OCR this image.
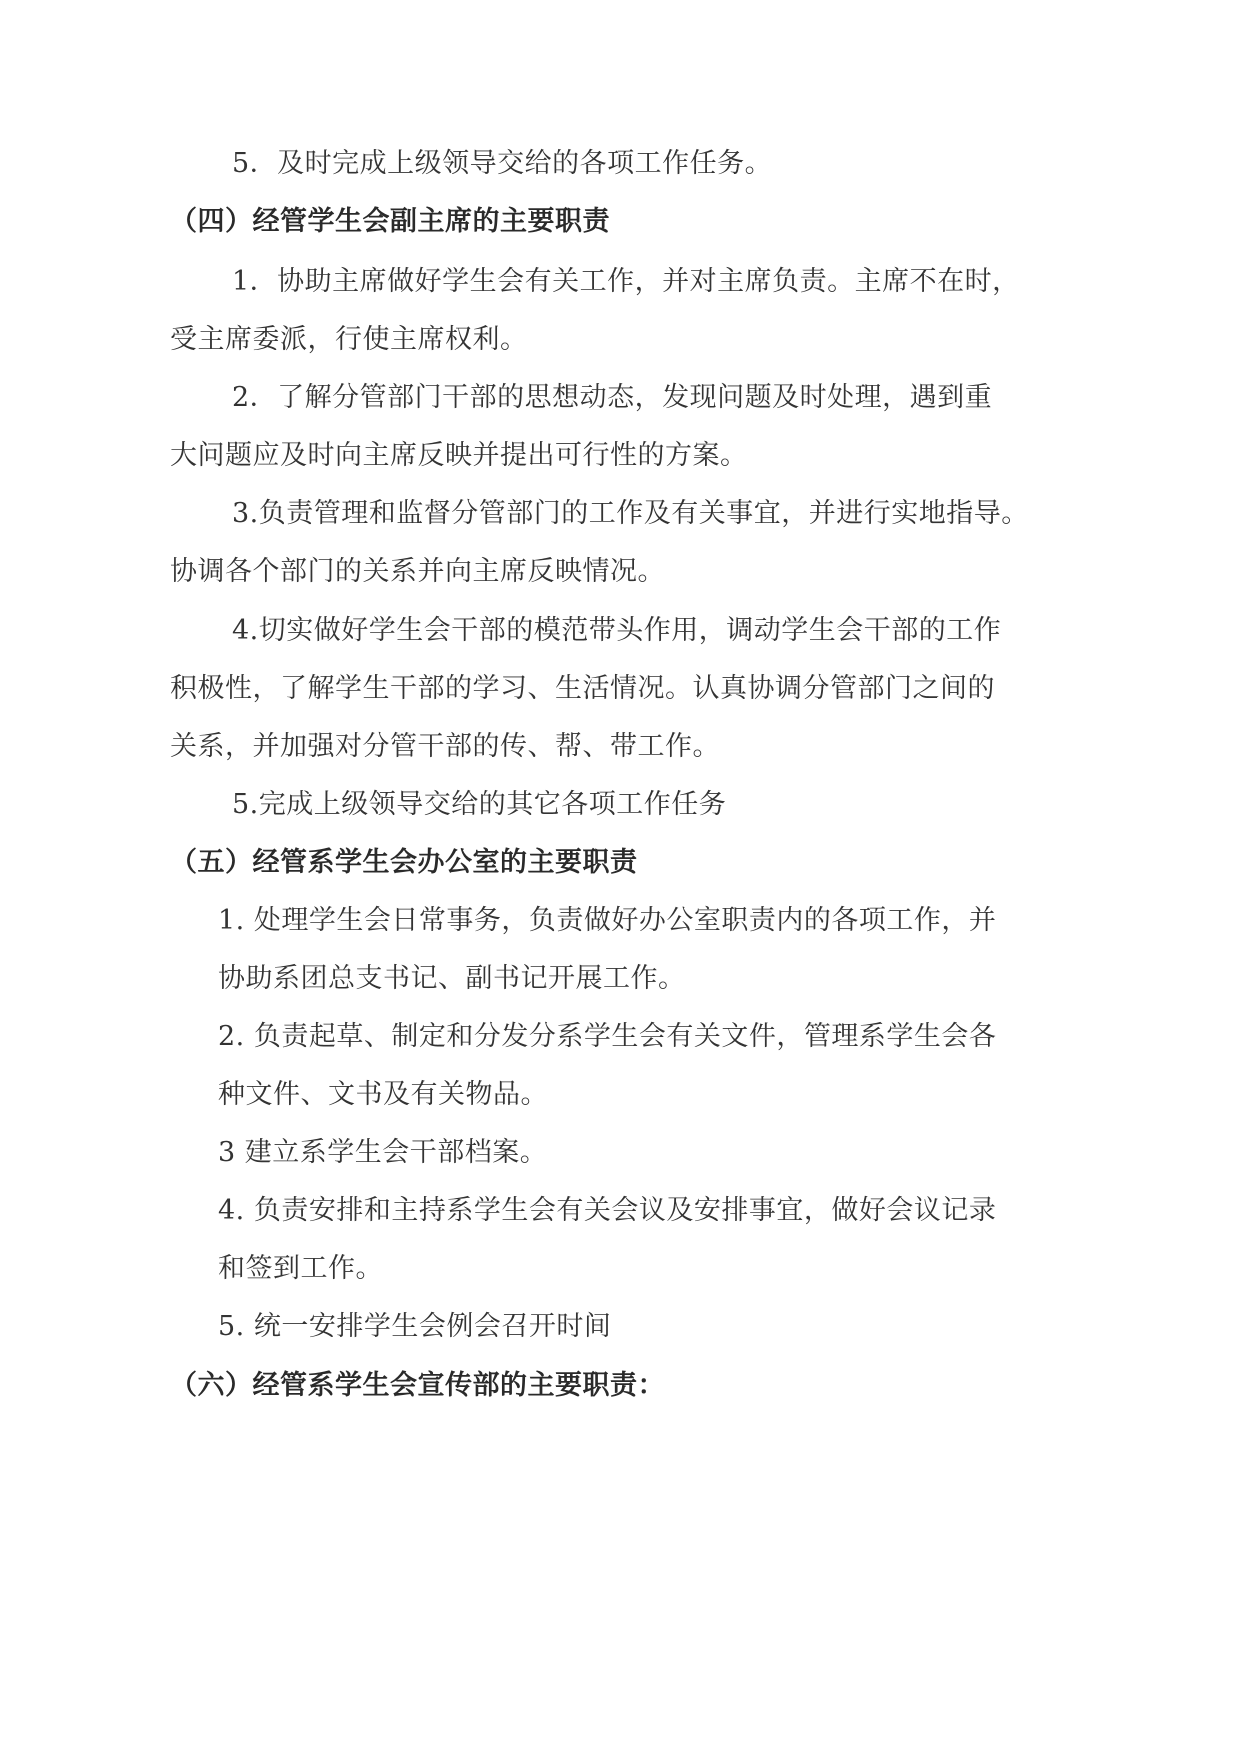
5．及时完成上级领导交给的各项工作任务。
（四）经管学生会副主席的主要职责
1．协助主席做好学生会有关工作，并对主席负责。主席不在时，
受主席委派，行使主席权利。
2．了解分管部门干部的思想动态，发现问题及时处理，遇到重
大问题应及时向主席反映并提出可行性的方案。
3.负责管理和监督分管部门的工作及有关事宜，并进行实地指导。
协调各个部门的关系并向主席反映情况。
4.切实做好学生会干部的模范带头作用，调动学生会干部的工作
积极性，了解学生干部的学习、生活情况。认真协调分管部门之间的
关系，并加强对分管干部的传、帮、带工作。
5.完成上级领导交给的其它各项工作任务
（五）经管系学生会办公室的主要职责
1. 处理学生会日常事务，负责做好办公室职责内的各项工作，并
协助系团总支书记、副书记开展工作。
2. 负责起草、制定和分发分系学生会有关文件，管理系学生会各
种文件、文书及有关物品。
3 建立系学生会干部档案。
4. 负责安排和主持系学生会有关会议及安排事宜，做好会议记录
和签到工作。
5. 统一安排学生会例会召开时间
（六）经管系学生会宣传部的主要职责：
